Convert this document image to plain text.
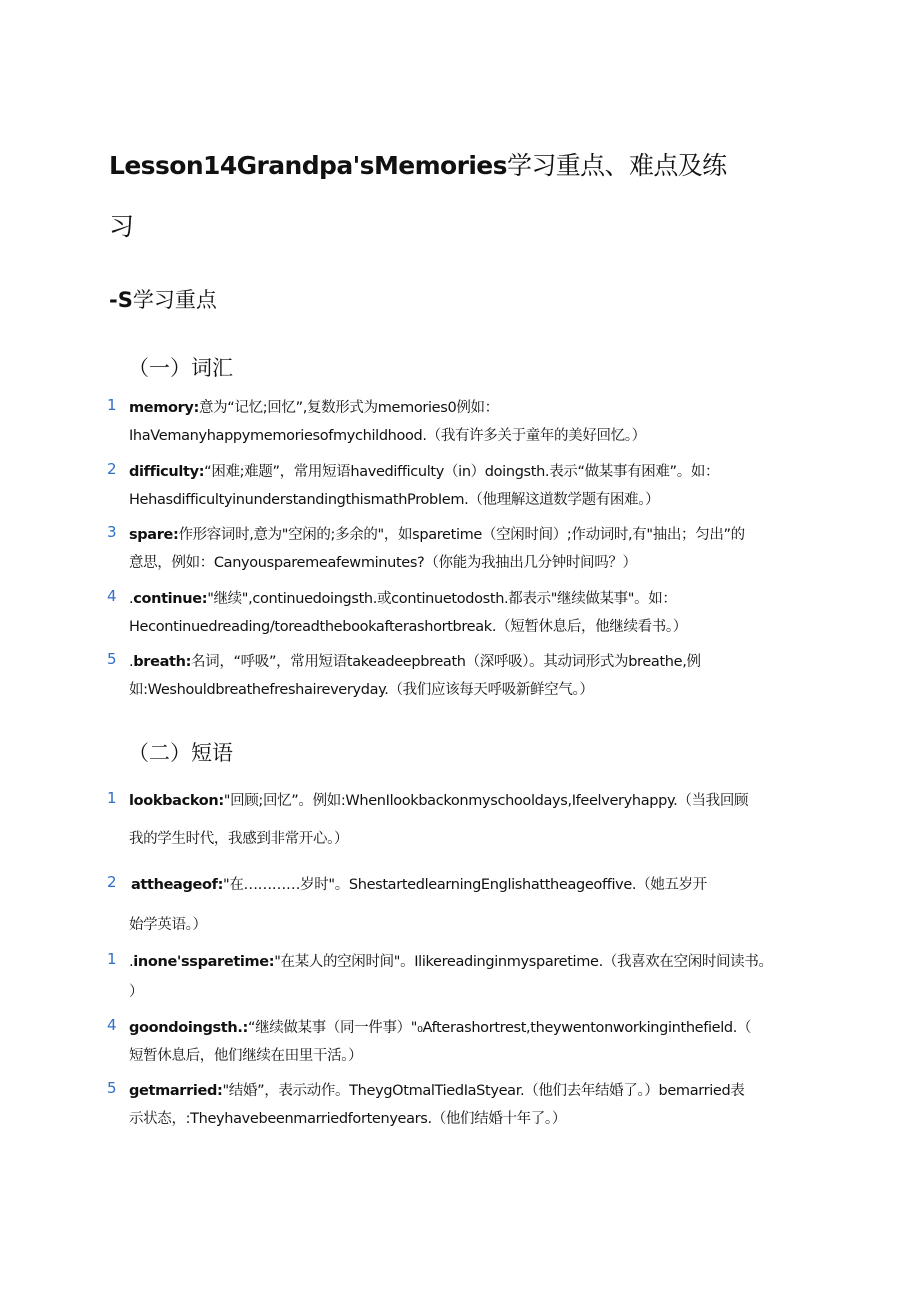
Lesson14Grandpa'sMemories学习重点、难点及练
习
-S学习重点
（一）词汇
1 memory:意为“记忆;回忆”,复数形式为memories0例如：
IhaVemanyhappymemoriesofmychildhood.（我有许多关于童年的美好回忆。）
2 difficulty:“困难;难题”，常用短语havedifficulty（in）doingsth.表示“做某事有困难”。如：
HehasdifficultyinunderstandingthismathProbIem.（他理解这道数学题有困难。）
3 spare:作形容词时,意为"空闲的;多余的"，如sparetime（空闲时间）;作动词时,有"抽出；匀出”的
意思，例如：Canyousparemeafewminutes?（你能为我抽出几分钟时间吗？）
4 .continue:"继续",continuedoingsth.或continuetodosth.都表示"继续做某事"。如：
Hecontinuedreading/toreadthebookafterashortbreak.（短暂休息后，他继续看书。）
5 .breath:名词，“呼吸”，常用短语takeadeepbreath（深呼吸）。其动词形式为breathe,例
如:Weshouldbreathefreshaireveryday.（我们应该每天呼吸新鲜空气。）
（二）短语
1 lookbackon:"回顾;回忆”。例如:WhenIlookbackonmyschooldays,Ifeelveryhappy.（当我回顾
我的学生时代，我感到非常开心。）
2 attheageof:"在…………岁时"。ShestartedlearningEnglishattheageoffive.（她五岁开
始学英语。）
1 .inone'ssparetime:"在某人的空闲时间"。Ilikereadinginmysparetime.（我喜欢在空闲时间读书。
）
4 goondoingsth.:“继续做某事（同一件事）"₀Afterashortrest,theywentonworkinginthefield.（
短暂休息后，他们继续在田里干活。）
5 getmarried:"结婚”，表示动作。TheygOtmalTiedIaStyear.（他们去年结婚了。）bemarried表
示状态，:Theyhavebeenmarriedfortenyears.（他们结婚十年了。）
